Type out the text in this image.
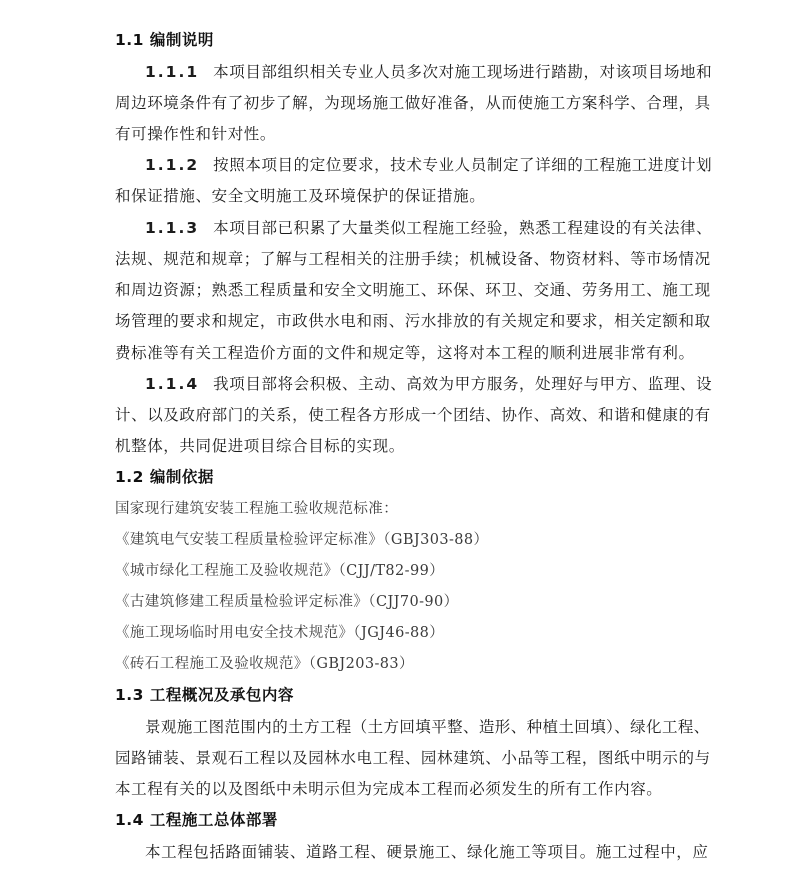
1.1 编制说明
1.1.1 本项目部组织相关专业人员多次对施工现场进行踏勘，对该项目场地和
周边环境条件有了初步了解，为现场施工做好准备，从而使施工方案科学、合理，具
有可操作性和针对性。
1.1.2 按照本项目的定位要求，技术专业人员制定了详细的工程施工进度计划
和保证措施、安全文明施工及环境保护的保证措施。
1.1.3 本项目部已积累了大量类似工程施工经验，熟悉工程建设的有关法律、
法规、规范和规章；了解与工程相关的注册手续；机械设备、物资材料、等市场情况
和周边资源；熟悉工程质量和安全文明施工、环保、环卫、交通、劳务用工、施工现
场管理的要求和规定，市政供水电和雨、污水排放的有关规定和要求，相关定额和取
费标准等有关工程造价方面的文件和规定等，这将对本工程的顺利进展非常有利。
1.1.4 我项目部将会积极、主动、高效为甲方服务，处理好与甲方、监理、设
计、以及政府部门的关系，使工程各方形成一个团结、协作、高效、和谐和健康的有
机整体，共同促进项目综合目标的实现。
1.2 编制依据
国家现行建筑安装工程施工验收规范标准：
《建筑电气安装工程质量检验评定标准》（GBJ303-88）
《城市绿化工程施工及验收规范》（CJJ/T82-99）
《古建筑修建工程质量检验评定标准》（CJJ70-90）
《施工现场临时用电安全技术规范》（JGJ46-88）
《砖石工程施工及验收规范》（GBJ203-83）
1.3 工程概况及承包内容
景观施工图范围内的土方工程（土方回填平整、造形、种植土回填）、绿化工程、
园路铺装、景观石工程以及园林水电工程、园林建筑、小品等工程，图纸中明示的与
本工程有关的以及图纸中未明示但为完成本工程而必须发生的所有工作内容。
1.4 工程施工总体部署
本工程包括路面铺装、道路工程、硬景施工、绿化施工等项目。施工过程中，应
